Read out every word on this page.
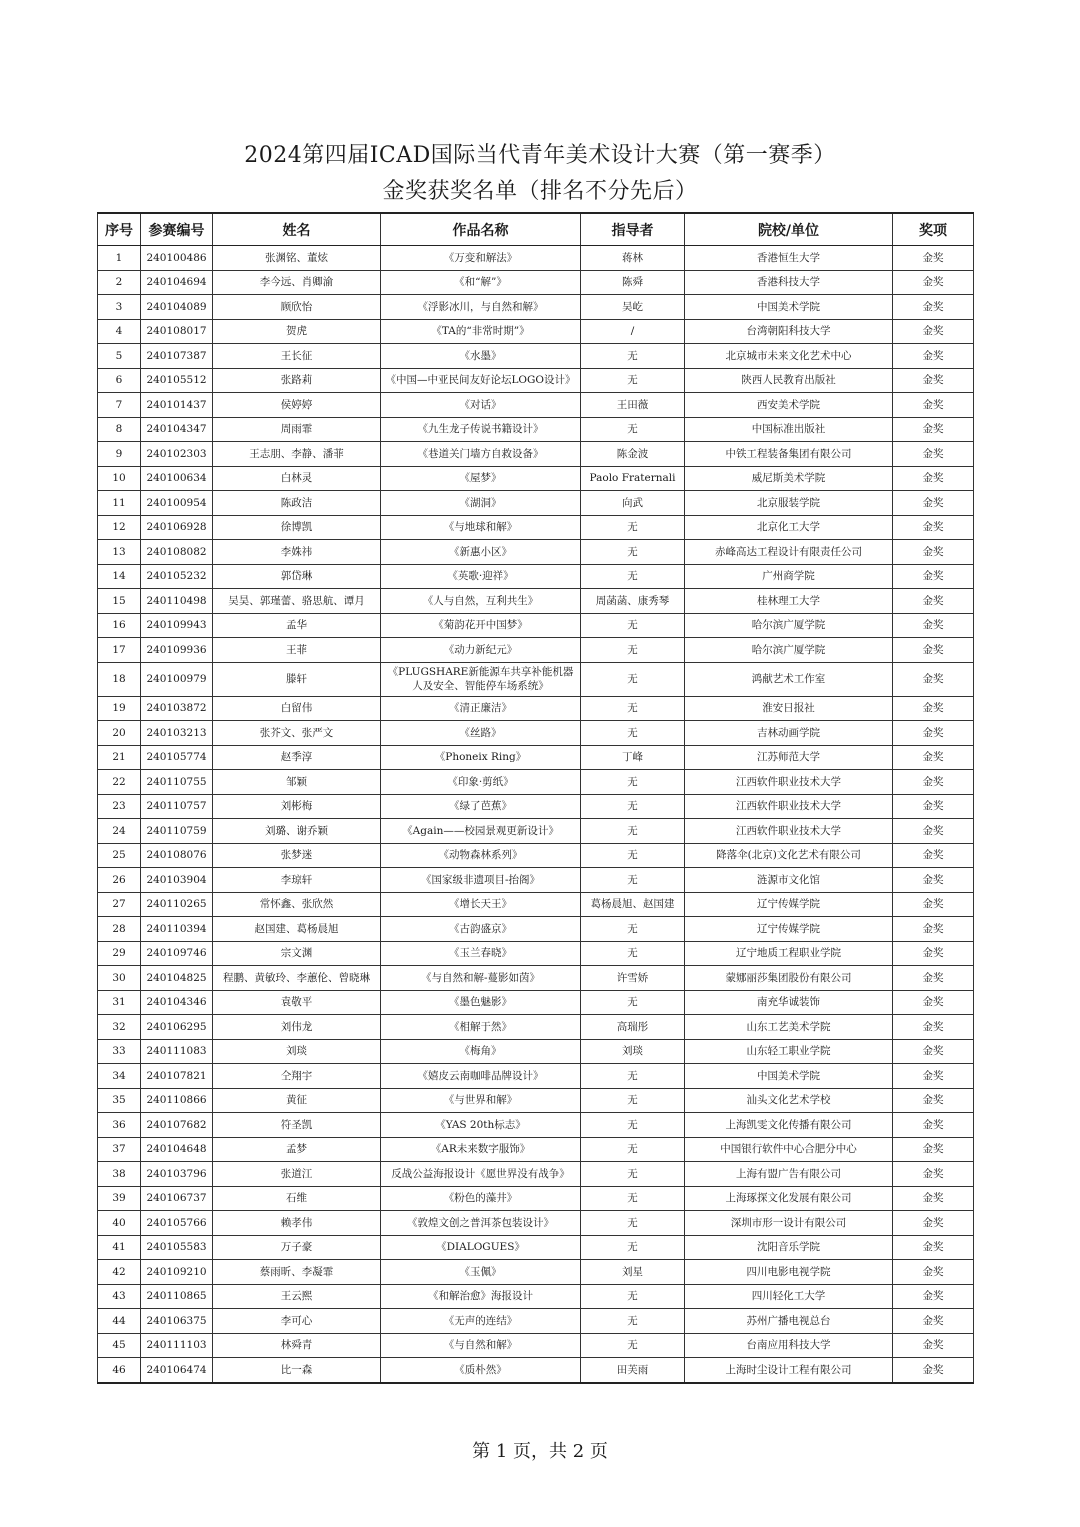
2024第四届ICAD国际当代青年美术设计大赛（第一赛季）
金奖获奖名单（排名不分先后）
序号	参赛编号	姓名	作品名称	指导者	院校/单位	奖项
1	240100486	张渊铭、董炫	《万变和解法》	蒋林	香港恒生大学	金奖
2	240104694	李今远、肖卿渝	《和“解”》	陈舜	香港科技大学	金奖
3	240104089	顾欣怡	《浮影冰川，与自然和解》	吴屹	中国美术学院	金奖
4	240108017	贺虎	《TA的“非常时期”》	/	台湾朝阳科技大学	金奖
5	240107387	王长征	《水墨》	无	北京城市未来文化艺术中心	金奖
6	240105512	张路莉	《中国—中亚民间友好论坛LOGO设计》	无	陕西人民教育出版社	金奖
7	240101437	侯婷婷	《对话》	王田薇	西安美术学院	金奖
8	240104347	周雨霏	《九生龙子传说书籍设计》	无	中国标准出版社	金奖
9	240102303	王志朋、李静、潘菲	《巷道关门墙方自救设备》	陈金波	中铁工程装备集团有限公司	金奖
10	240100634	白林灵	《屋梦》	Paolo Fraternali	威尼斯美术学院	金奖
11	240100954	陈政洁	《湖洞》	向武	北京服装学院	金奖
12	240106928	徐博凯	《与地球和解》	无	北京化工大学	金奖
13	240108082	李姝祎	《新惠小区》	无	赤峰高达工程设计有限责任公司	金奖
14	240105232	郭岱琳	《英歌·迎祥》	无	广州商学院	金奖
15	240110498	吴昊、郭瑾蕾、骆思航、谭月	《人与自然，互利共生》	周菡菡、康秀琴	桂林理工大学	金奖
16	240109943	孟华	《菊韵花开中国梦》	无	哈尔滨广厦学院	金奖
17	240109936	王菲	《动力新纪元》	无	哈尔滨广厦学院	金奖
18	240100979	滕轩	《PLUGSHARE新能源车共享补能机器人及安全、智能停车场系统》	无	鸿献艺术工作室	金奖
19	240103872	白留伟	《清正廉洁》	无	淮安日报社	金奖
20	240103213	张芥文、张严文	《丝路》	无	吉林动画学院	金奖
21	240105774	赵季淳	《Phoneix Ring》	丁峰	江苏师范大学	金奖
22	240110755	邹颖	《印象·剪纸》	无	江西软件职业技术大学	金奖
23	240110757	刘彬梅	《绿了芭蕉》	无	江西软件职业技术大学	金奖
24	240110759	刘璐、谢乔颖	《Again——校园景观更新设计》	无	江西软件职业技术大学	金奖
25	240108076	张梦迷	《动物森林系列》	无	降落伞(北京)文化艺术有限公司	金奖
26	240103904	李琼轩	《国家级非遗项目-抬阁》	无	涟源市文化馆	金奖
27	240110265	常怀鑫、张欣然	《增长天王》	葛杨晨旭、赵国建	辽宁传媒学院	金奖
28	240110394	赵国建、葛杨晨旭	《古韵盛京》	无	辽宁传媒学院	金奖
29	240109746	宗文渊	《玉兰春晓》	无	辽宁地质工程职业学院	金奖
30	240104825	程鹏、黄敏玲、李蕙伦、曾晓琳	《与自然和解-蔓影如茵》	许雪娇	蒙娜丽莎集团股份有限公司	金奖
31	240104346	袁敬平	《墨色魅影》	无	南充华诚装饰	金奖
32	240106295	刘伟龙	《相解于然》	高瑞彤	山东工艺美术学院	金奖
33	240111083	刘琰	《梅角》	刘琰	山东轻工职业学院	金奖
34	240107821	仝翔宇	《嬉皮云南咖啡品牌设计》	无	中国美术学院	金奖
35	240110866	黄征	《与世界和解》	无	汕头文化艺术学校	金奖
36	240107682	符圣凯	《YAS 20th标志》	无	上海凯雯文化传播有限公司	金奖
37	240104648	孟梦	《AR未来数字服饰》	无	中国银行软件中心合肥分中心	金奖
38	240103796	张道江	反战公益海报设计《愿世界没有战争》	无	上海有盟广告有限公司	金奖
39	240106737	石维	《粉色的藻井》	无	上海琢探文化发展有限公司	金奖
40	240105766	赖孝伟	《敦煌文创之普洱茶包装设计》	无	深圳市形一设计有限公司	金奖
41	240105583	万子豪	《DIALOGUES》	无	沈阳音乐学院	金奖
42	240109210	蔡雨昕、李凝霏	《玉佩》	刘星	四川电影电视学院	金奖
43	240110865	王云熙	《和解治愈》海报设计	无	四川轻化工大学	金奖
44	240106375	李可心	《无声的连结》	无	苏州广播电视总台	金奖
45	240111103	林舜青	《与自然和解》	无	台南应用科技大学	金奖
46	240106474	比一森	《质朴然》	田芙雨	上海时尘设计工程有限公司	金奖
第 1 页，共 2 页
